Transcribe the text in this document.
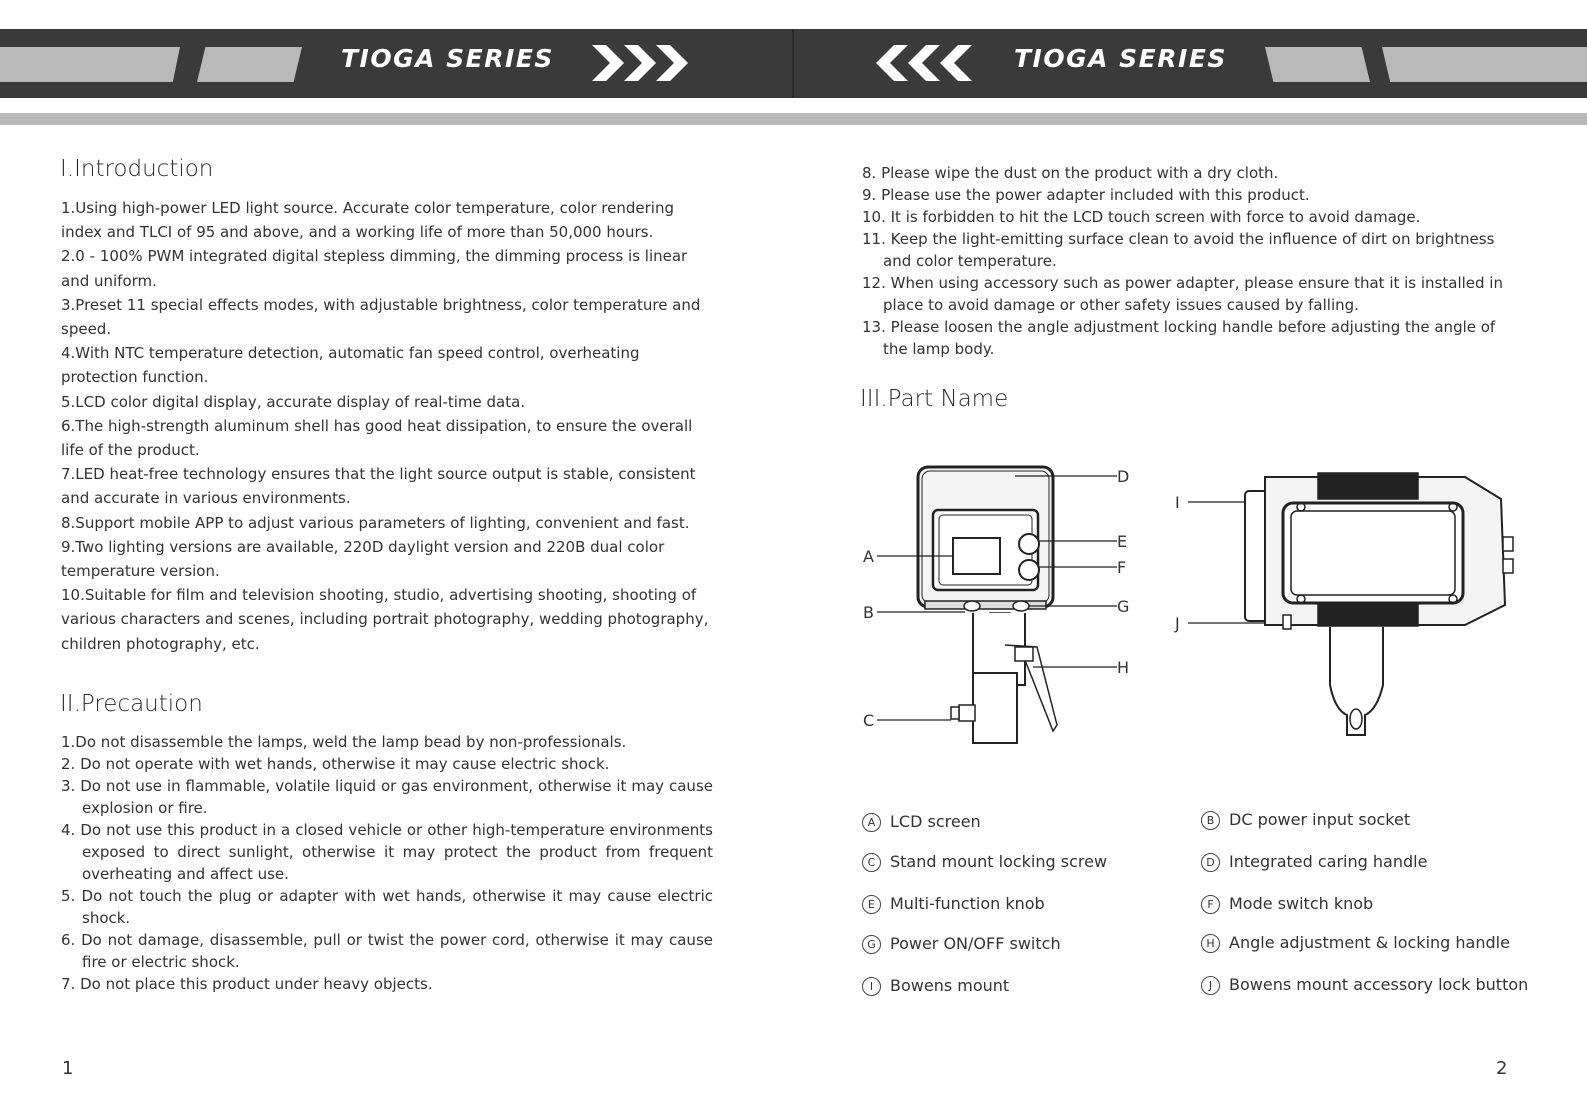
TIOGA SERIES	TIOGA SERIES
I.Introduction

1.Using high-power LED light source. Accurate color temperature, color rendering index and TLCI of 95 and above, and a working life of more than 50,000 hours.

2.0 - 100% PWM integrated digital stepless dimming, the dimming process is linear and uniform.

3.Preset 11 special effects modes, with adjustable brightness, color temperature and speed.

4.With NTC temperature detection, automatic fan speed control, overheating protection function.

5.LCD color digital display, accurate display of real-time data.

6.The high-strength aluminum shell has good heat dissipation, to ensure the overall life of the product.

7.LED heat-free technology ensures that the light source output is stable, consistent and accurate in various environments.

8.Support mobile APP to adjust various parameters of lighting, convenient and fast.

9.Two lighting versions are available, 220D daylight version and 220B dual color temperature version.

10.Suitable for film and television shooting, studio, advertising shooting, shooting of various characters and scenes, including portrait photography, wedding photography, children photography, etc.

II.Precaution

1.Do not disassemble the lamps, weld the lamp bead by non-professionals.

2. Do not operate with wet hands, otherwise it may cause electric shock.

3. Do not use in flammable, volatile liquid or gas environment, otherwise it may cause explosion or fire.

4. Do not use this product in a closed vehicle or other high-temperature environments exposed to direct sunlight, otherwise it may protect the product from frequent overheating and affect use.

5. Do not touch the plug or adapter with wet hands, otherwise it may cause electric shock.

6. Do not damage, disassemble, pull or twist the power cord, otherwise it may cause fire or electric shock.

7. Do not place this product under heavy objects.

1

8. Please wipe the dust on the product with a dry cloth.

9. Please use the power adapter included with this product.

10. It is forbidden to hit the LCD touch screen with force to avoid damage.

11. Keep the light-emitting surface clean to avoid the influence of dirt on brightness and color temperature.

12. When using accessory such as power adapter, please ensure that it is installed in place to avoid damage or other safety issues caused by falling.

13. Please loosen the angle adjustment locking handle before adjusting the angle of the lamp body.

III.Part Name
A
B
C
D
E
F
G
H
I
J
A LCD screen	B DC power input socket
C Stand mount locking screw	D Integrated caring handle
E Multi-function knob	F Mode switch knob
G Power ON/OFF switch	H Angle adjustment & locking handle
I Bowens mount	J Bowens mount accessory lock button
2
